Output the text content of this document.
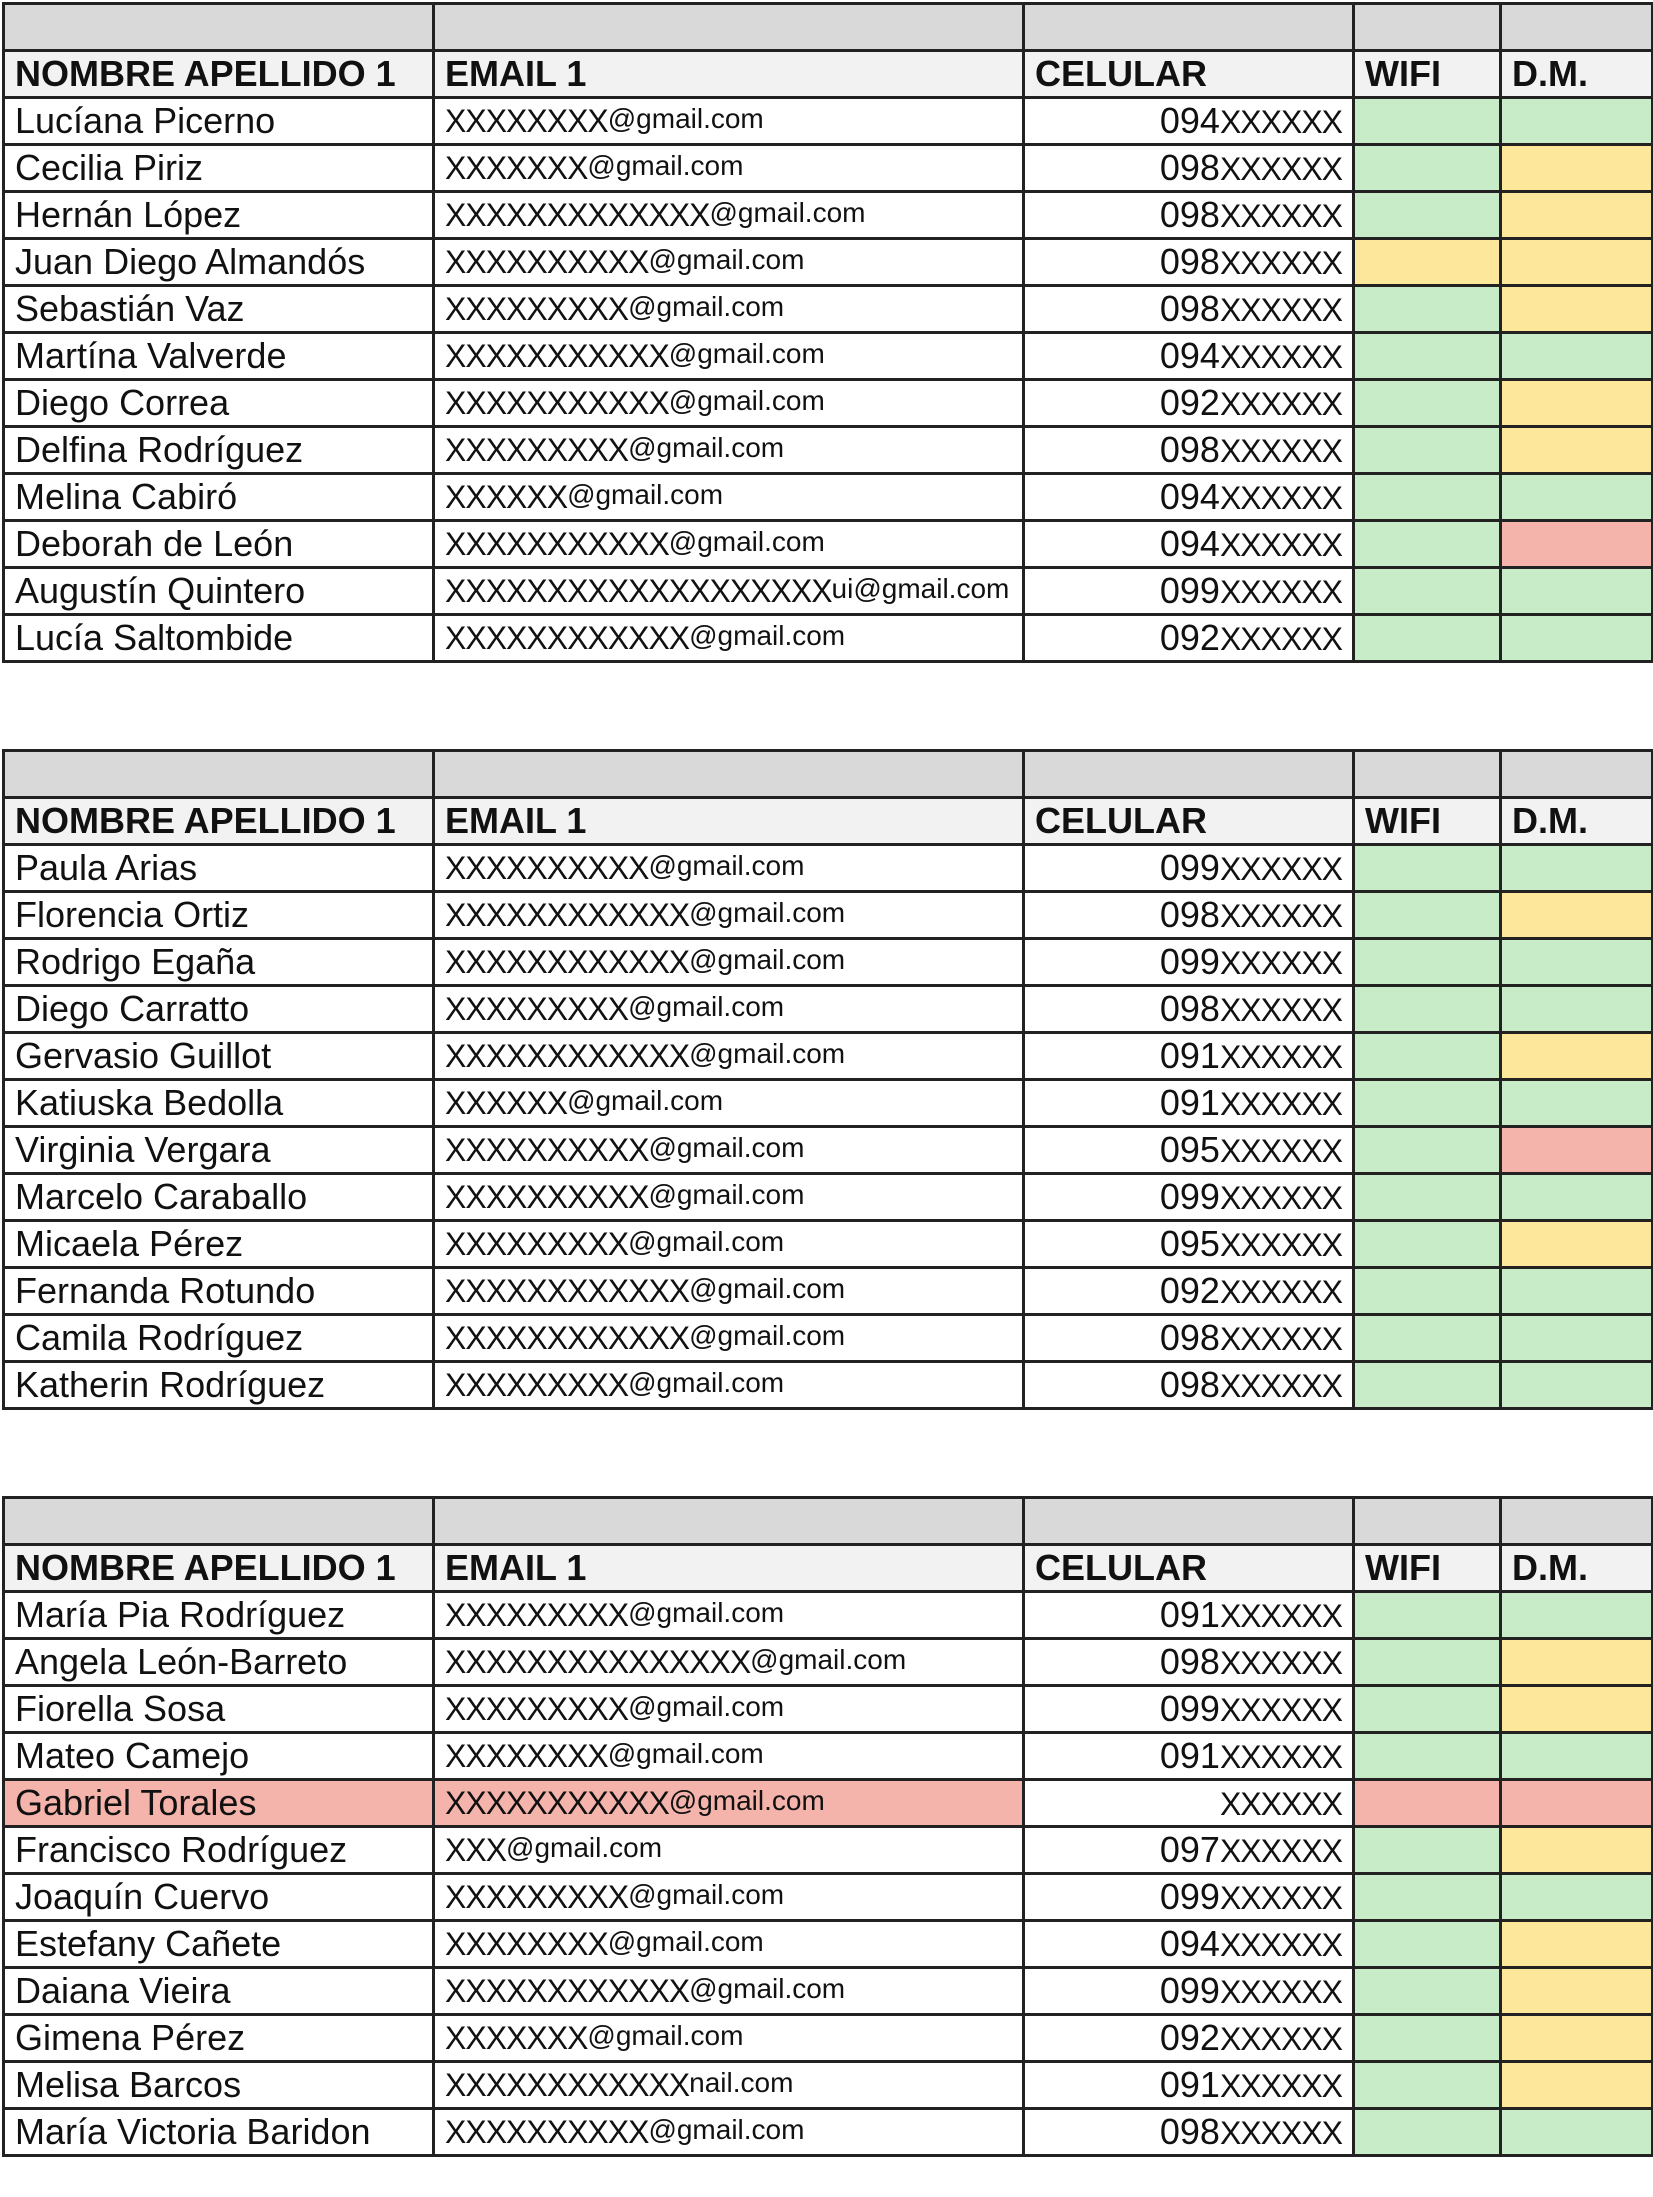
NOMBRE APELLIDO 1	EMAIL 1	CELULAR	WIFI	D.M.
Lucíana Picerno	XXXXXXXX@gmail.com	094XXXXXX		
Cecilia Piriz	XXXXXXX@gmail.com	098XXXXXX		
Hernán López	XXXXXXXXXXXXX@gmail.com	098XXXXXX		
Juan Diego Almandós	XXXXXXXXXX@gmail.com	098XXXXXX		
Sebastián Vaz	XXXXXXXXX@gmail.com	098XXXXXX		
Martína Valverde	XXXXXXXXXXX@gmail.com	094XXXXXX		
Diego Correa	XXXXXXXXXXX@gmail.com	092XXXXXX		
Delfina Rodríguez	XXXXXXXXX@gmail.com	098XXXXXX		
Melina Cabiró	XXXXXX@gmail.com	094XXXXXX		
Deborah de León	XXXXXXXXXXX@gmail.com	094XXXXXX		
Augustín Quintero	XXXXXXXXXXXXXXXXXXXui@gmail.com	099XXXXXX		
Lucía Saltombide	XXXXXXXXXXXX@gmail.com	092XXXXXX		

NOMBRE APELLIDO 1	EMAIL 1	CELULAR	WIFI	D.M.
Paula Arias	XXXXXXXXXX@gmail.com	099XXXXXX		
Florencia Ortiz	XXXXXXXXXXXX@gmail.com	098XXXXXX		
Rodrigo Egaña	XXXXXXXXXXXX@gmail.com	099XXXXXX		
Diego Carratto	XXXXXXXXX@gmail.com	098XXXXXX		
Gervasio Guillot	XXXXXXXXXXXX@gmail.com	091XXXXXX		
Katiuska Bedolla	XXXXXX@gmail.com	091XXXXXX		
Virginia Vergara	XXXXXXXXXX@gmail.com	095XXXXXX		
Marcelo Caraballo	XXXXXXXXXX@gmail.com	099XXXXXX		
Micaela Pérez	XXXXXXXXX@gmail.com	095XXXXXX		
Fernanda Rotundo	XXXXXXXXXXXX@gmail.com	092XXXXXX		
Camila Rodríguez	XXXXXXXXXXXX@gmail.com	098XXXXXX		
Katherin Rodríguez	XXXXXXXXX@gmail.com	098XXXXXX		

NOMBRE APELLIDO 1	EMAIL 1	CELULAR	WIFI	D.M.
María Pia Rodríguez	XXXXXXXXX@gmail.com	091XXXXXX		
Angela León-Barreto	XXXXXXXXXXXXXXX@gmail.com	098XXXXXX		
Fiorella Sosa	XXXXXXXXX@gmail.com	099XXXXXX		
Mateo Camejo	XXXXXXXX@gmail.com	091XXXXXX		
Gabriel Torales	XXXXXXXXXXX@gmail.com	XXXXXX		
Francisco Rodríguez	XXX@gmail.com	097XXXXXX		
Joaquín Cuervo	XXXXXXXXX@gmail.com	099XXXXXX		
Estefany Cañete	XXXXXXXX@gmail.com	094XXXXXX		
Daiana Vieira	XXXXXXXXXXXX@gmail.com	099XXXXXX		
Gimena Pérez	XXXXXXX@gmail.com	092XXXXXX		
Melisa Barcos	XXXXXXXXXXXXnail.com	091XXXXXX		
María Victoria Baridon	XXXXXXXXXX@gmail.com	098XXXXXX		
